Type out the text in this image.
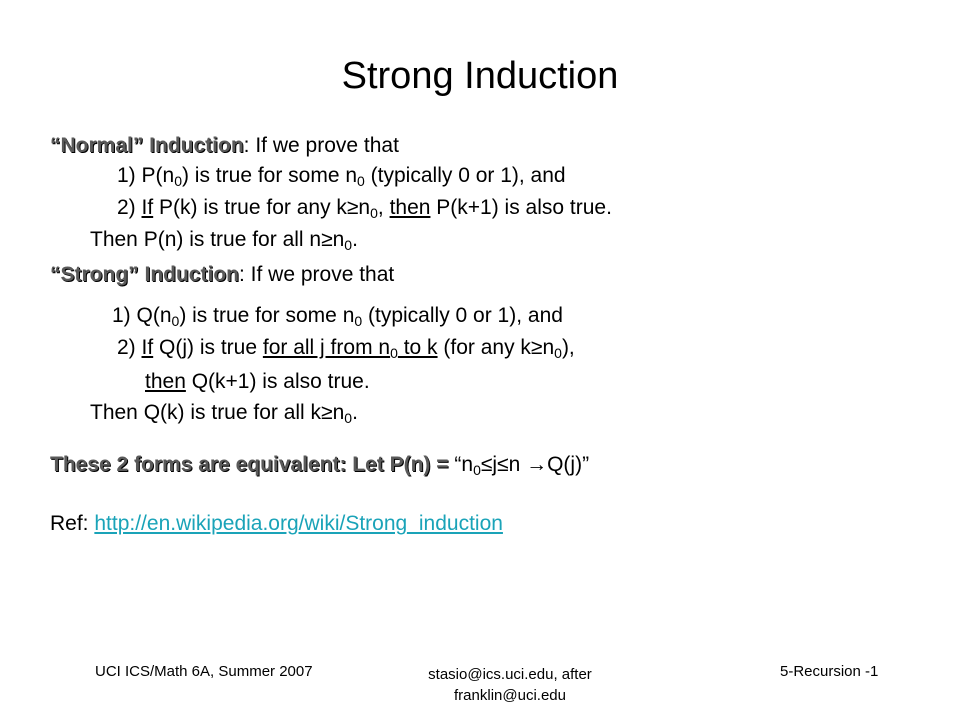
Strong Induction
“Normal” Induction: If we prove that
1) $P(n_0)$ is true for some $n_0$ (typically 0 or 1), and
2) If P(k) is true for any $k\ge n_0$, then P(k+1) is also true.
Then P(n) is true for all $n\ge n_0$.
“Strong” Induction: If we prove that
1) $Q(n_0)$ is true for some $n_0$ (typically 0 or 1), and
2) If Q(j) is true for all j from $n_0$ to k (for any $k\ge n_0$),
then Q(k+1) is also true.
Then Q(k) is true for all $k\ge n_0$.
These 2 forms are equivalent: Let $P(n) = “n_0\le j\le n \to Q(j)$”
Ref: http://en.wikipedia.org/wiki/Strong_induction
UCI ICS/Math 6A, Summer 2007	stasio@ics.uci.edu, after
franklin@uci.edu
5-Recursion -1
